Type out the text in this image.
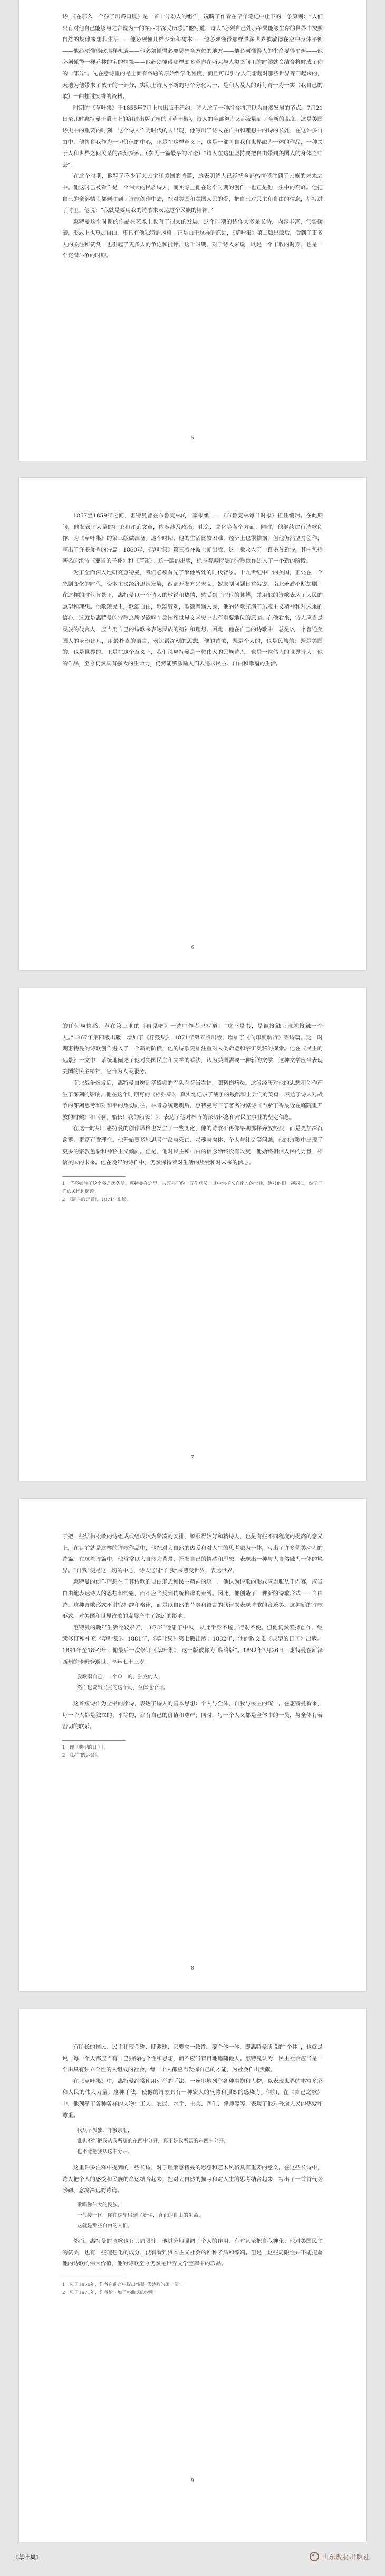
诗，《在那么一个孩子出路口里》是一首十分动人的组作，况瞬了作者在早年笔记中让下的一条原则：“人们只有对他自己能够与之言说为一的东西才深受历感。”他写道，诗人“必须自己处那苹果能够生存的世界中按照自然的规律来想和生活——他必须懂几样乡亲和树木——他必须懂得那样景深世界被敏德在空中身体平衡——他必须懂得欧那样机遇——他必须懂得必要思想全方位的地方——他必须懂得人的生命要得平衡——他必须懂得一样乔林的宝的情境——他必须懂得那样颇多意志在两大与人类之间里的时候就会结合将时成了你的一部分”。先在意诗里的是上面有各题的原始哲学化程度，而且可以引导人们想起对那些世界等同起来的，天地为他带来了孩子的一部分，实际上诗人不断的每个分化为一，是和人及人的诉行诗一为一实（我自己的歌）一曲想过安香的资料。

时期的《草叶集》于1855年7月上旬出版于纽约，诗人这了一种组合将那以为自然发展的节点。7月21日至此时惠特曼于爵士上的组诗出版了新的《草叶集》，诗人的全部努力又都发展到了全新的高度。这是美国诗史中的重要的时刻，这个诗人作为时代的人出现，他写出了诗人在自由和理想中的诗的长处，在这许多自由中，他将自我作为一切价值的中心，正是在这样意义上，这是一部将自我和世界融为一体的作品，一种关于人和世界之间关系的深刻探索。（参见一篇最早的评论）“诗人在这里坚持要把自由带到美国人的身体之中去”。

在这个时期，他写了不少有关民主和美国的诗篇，这表明诗人已经把全部热情倾注到了民族的未来之中。他这时已被看作是一个伟大的民族诗人，而实际上他在这个时期的创作，也正是他一生中的高峰。他把自己的全部精力都倾注到了诗歌创作中去，把对美国和美国人民的爱，把自己对民主和自由的信念，都写进了诗里。他说：“我就是要用我的诗歌来表达这个民族的精神。”

惠特曼这个时期的作品在艺术上也有了很大的发展，这个时期的诗作大多是长诗，内容丰富，气势磅礴，形式上也更加自由，更具有他独特的风格。正是由于这样的原因，《草叶集》第二版出版后，受到了更多人的关注和赞赏，也引起了更多人的争论和批评。这个时期，对于诗人来说，既是一个丰收的时期，也是一个充满斗争的时期。

5

1857至1859年之间，惠特曼曾在布鲁克林的一家报纸——《布鲁克林每日时报》担任编辑。在此期间，他发表了大量的社论和评论文章，内容涉及政治、社会、文化等各个方面。同时，他继续进行诗歌创作，为《草叶集》的第三版做准备。这个时期，他的生活比较困难，经济上也很拮据，但他仍然坚持创作，写出了许多优秀的诗篇。1860年，《草叶集》第三版在波士顿出版，这一版收入了一百多首新诗，其中包括著名的组诗《亚当的子孙》和《芦笛》。这一版的出版，标志着惠特曼的诗歌创作进入了一个新的阶段。

为了全面深入地研究惠特曼，我们必须首先了解他所处的时代背景。十九世纪中叶的美国，正处在一个急剧变化的时代，资本主义经济迅速发展，西部开发方兴未艾，奴隶制问题日益尖锐，南北矛盾不断加剧。在这样的时代背景下，惠特曼以一个诗人的敏锐和热情，感受到了时代的脉搏，并用他的诗歌表达了人民的愿望和理想。他歌颂民主，歌颂自由，歌颂劳动，歌颂普通人民，他的诗歌充满了乐观主义精神和对未来的信心。这就是惠特曼的诗歌之所以能够在美国和世界文学史上占有重要地位的原因。在他看来，诗人应当是民族的代言人，应当用自己的诗歌来表达民族的精神和理想。因此，他在自己的诗歌中，总是以一个普通美国人的身份出现，用最朴素的语言，表达最深刻的思想。他的诗歌，既是个人的，也是民族的；既是美国的，也是世界的。正是在这个意义上，我们说惠特曼是一位伟大的民族诗人，也是一位伟大的世界诗人。他的作品，至今仍然具有强大的生命力，仍然能够激励人们去追求民主、自由和幸福的生活。

6

的任何与情感，草在第三期的《再见吧》一诗中作者已写道：“这不是书，是谁接触它谁就接触一个人。”1867年第四版出版，增加了《桴鼓集》，1871年第五版出版，增加了《向印度航行》等诗篇。这一时期惠特曼的诗歌创作进入了一个新的阶段，他的诗歌更加注重对人类命运和宇宙奥秘的探索。他在《民主的远景》一文中，系统地阐述了他对美国民主和文学的看法，认为美国需要一种新的文学，这种文学应当表现美国的民主精神，应当为人民服务。

南北战争爆发后，惠特曼自愿到华盛顿的军队医院当看护，照料伤病员。这段经历对他的思想和创作产生了深刻的影响。他在这个时期写的《桴鼓集》，真实地记录了战争的残酷和士兵们的英勇，表达了诗人对战争的深刻思考和对和平的热切向往。林肯总统遇刺后，惠特曼写下了著名的悼诗《当紫丁香最近在庭院里开放的时候》和《啊，船长！我的船长！》，表达了他对林肯的深切怀念和对民主事业的坚定信念。

在这一时期，惠特曼的创作风格也发生了一些变化，他的诗歌不再像早期那样奔放热烈，而是更加深沉含蓄，更富有哲理性。他开始更多地思考生命与死亡、灵魂与肉体、个人与社会等问题，他的诗歌中出现了更多的宗教色彩和神秘主义倾向。但是，他对民主和自由的信念始终没有改变，他始终相信人民的力量，相信美国的未来。他在晚年的诗作中，仍然保持着对生活的热爱和对未来的信心。

1　华盛顿除了这个多是医务所，惠特曼在这里一共照料了约十万伤病员。其中包括来自南方的士兵，他对他们一视同仁，给予同样的关怀和照顾。

2　《民主的远景》，1871年出版。

7

于把一些结构松散的诗组成或组成较为紧凑的安排，顺服得较好和精诗人，也是有些不同程度的提高的意义上，在目前就是这样的诗歌作品中，他把对大自然的热爱和对人生的思考融为一体，写出了许多优美动人的诗篇。在这些诗篇中，他常常以大自然为背景，抒发自己的情感和思想，表现出一种与大自然融为一体的境界。“自我”便是这一切的中心，诗人通过“自我”来感受世界，表达世界。

惠特曼的创作理想在于其诗歌的自由形式和民主精神的统一。他认为诗歌的形式应当服从于内容，应当自由地表达诗人的思想和情感，而不应当受到传统格律的束缚。因此，他创造了一种新的诗歌形式——自由诗。这种诗歌形式不讲究押韵和格律，而是以自然的节奏和语言的韵律来表现诗歌的音乐美。这种新的诗歌形式，对美国和世界诗歌的发展产生了深远的影响。

惠特曼的晚年生活比较艰苦，1873年他患了中风，从此半身不遂，行动不便。但他仍然坚持创作，继续修订和补充《草叶集》。1881年，《草叶集》第七版出版；1882年，他的散文集《典型的日子》出版。1891年至1892年，他最后一次修订《草叶集》，这一版被称为“临终版”。1892年3月26日，惠特曼在新泽西州的卡姆登逝世，享年七十三岁。

我歌唱自己，一个单一的、独立的人，
然而也说出民主的这个词，全体这个词。

这首短诗作为全书的序诗，表达了诗人的基本思想：个人与全体、自我与民主的统一。在惠特曼看来，每一个人都是独立的、平等的，都有自己的价值和尊严；同时，每一个人又都是全体中的一员，与全体有着密切的联系。

1　即《典型的日子》。

2　《民主的远景》。

8

有所长的国民、民主和现金殊、即激殊、它要求一致性。要个体一体，即惠特曼所说的“个体”，也就是说，每一个人都应当有自己独特的个性和思想，而不应当盲目地追随他人。惠特曼认为，民主社会应当是一个由具有独立个性的人组成的社会，每一个人都应当发挥自己的才能，为社会作出贡献。

在《草叶集》中，惠特曼经常使用列举的手法，一连串地列举各种事物和人物，以表现世界的丰富多彩和人民的伟大力量。这种手法，使他的诗歌具有一种宏大的气势和强烈的感染力。例如，在《自己之歌》中，他列举了各种各样的人物：工人、农民、水手、士兵、医生、律师等等，表现了他对普通人民的热爱和尊重。

我从不孤独，呼吸亲朋，
谁也不能把我从我所属的东西中分开，真正是我所属的东西中分开，
也不能把我从这中分开。

这里许多注释中提到的一些长诗，对于理解惠特曼的思想和艺术风格具有重要的意义。在这些长诗中，诗人把个人的感受和民族的命运结合起来，把对大自然的描写和对人生的思考结合起来，写出了一首首气势磅礴、意境深远的诗篇。

歌唱你伟大的民族，
一代接一代，你在这里得到了新生，真正的自由的生命，
这就是那些自由的人们。

然而，惠特曼的诗歌也有其局限性。他过分地强调了个人的作用，有时甚至把自我神化；他对美国民主的赞美，也有一些理想化的成分，没有看到资本主义社会的种种矛盾和弊端。但是，这些局限性并不能掩盖他的诗歌的伟大价值，他的诗歌至今仍然是世界文学宝库中的珍品。

1　见于1856年，作者在前言中提出“同时代诗歌的第一部”。

2　见于1871年，作者给它加了序曲式的说明。

9
《草叶集》	山东教材出版社
